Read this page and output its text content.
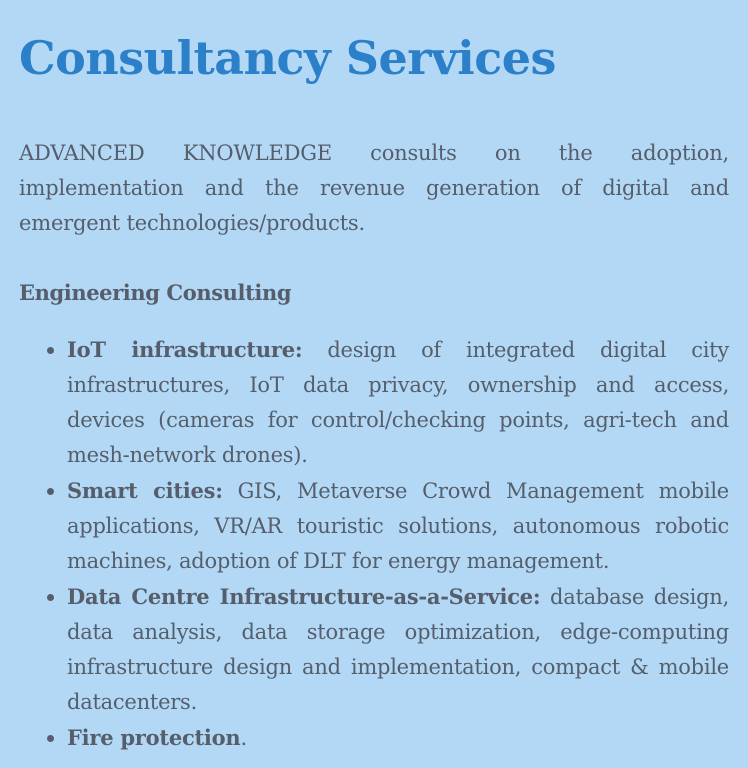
Consultancy Services

ADVANCED KNOWLEDGE consults on the adoption, implementation and the revenue generation of digital and emergent technologies/products.

Engineering Consulting
IoT infrastructure: design of integrated digital city infrastructures, IoT data privacy, ownership and access, devices (cameras for control/checking points, agri-tech and mesh-network drones).
Smart cities: GIS, Metaverse Crowd Management mobile applications, VR/AR touristic solutions, autonomous robotic machines, adoption of DLT for energy management.
Data Centre Infrastructure-as-a-Service: database design, data analysis, data storage optimization, edge-computing infrastructure design and implementation, compact & mobile datacenters.
Fire protection.
